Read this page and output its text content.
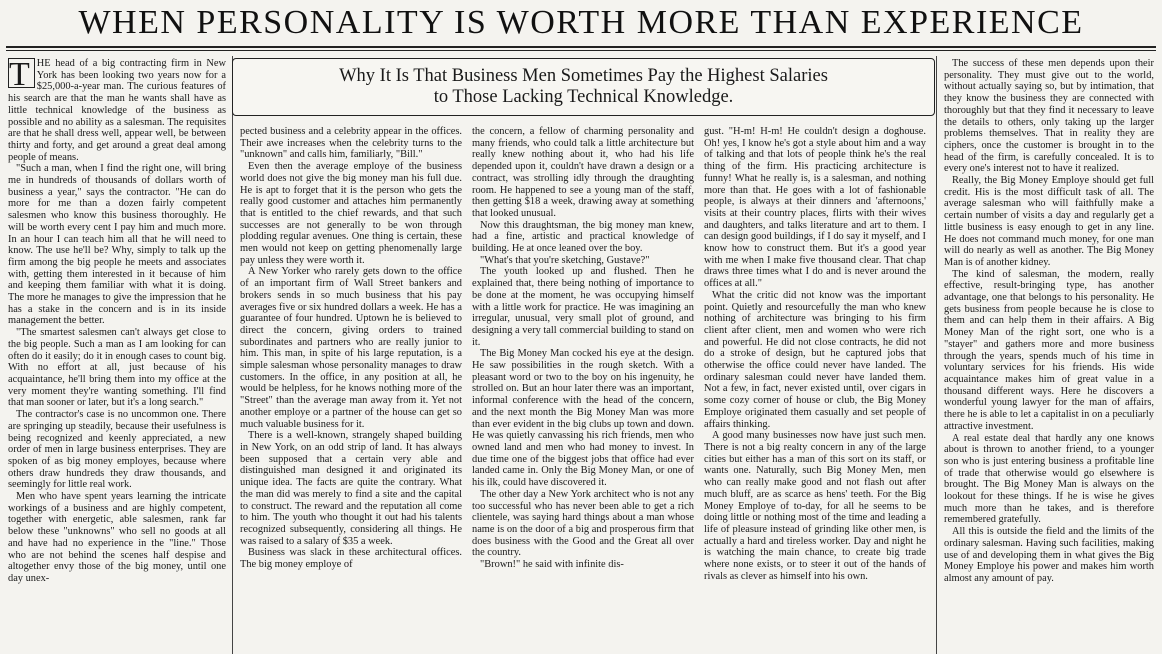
WHEN PERSONALITY IS WORTH MORE THAN EXPERIENCE

T HE head of a big contracting firm in New York has been looking two years now for a $25,000-a-year man. The curious features of his search are that the man he wants shall have as little technical knowledge of the business as possible and no ability as a salesman. The requisites are that he shall dress well, appear well, be between thirty and forty, and get around a great deal among people of means.

"Such a man, when I find the right one, will bring me in hundreds of thousands of dollars worth of business a year," says the contractor. "He can do more for me than a dozen fairly competent salesmen who know this business thoroughly. He will be worth every cent I pay him and much more. In an hour I can teach him all that he will need to know. The use he'll be? Why, simply to talk up the firm among the big people he meets and associates with, getting them interested in it because of him and keeping them familiar with what it is doing. The more he manages to give the impression that he has a stake in the concern and is in its inside management the better.

"The smartest salesmen can't always get close to the big people. Such a man as I am looking for can often do it easily; do it in enough cases to count big. With no effort at all, just because of his acquaintance, he'll bring them into my office at the very moment they're wanting something. I'll find that man sooner or later, but it's a long search."

The contractor's case is no uncommon one. There are springing up steadily, because their usefulness is being recognized and keenly appreciated, a new order of men in large business enterprises. They are spoken of as big money employes, because where others draw hundreds they draw thousands, and seemingly for little real work.

Men who have spent years learning the intricate workings of a business and are highly competent, together with energetic, able salesmen, rank far below these "unknowns" who sell no goods at all and have had no experience in the "line." Those who are not behind the scenes half despise and altogether envy those of the big money, until one day unex-

Why It Is That Business Men Sometimes Pay the Highest Salaries
to Those Lacking Technical Knowledge.

pected business and a celebrity appear in the offices. Their awe increases when the celebrity turns to the "unknown" and calls him, familiarly, "Bill."

Even then the average employe of the business world does not give the big money man his full due. He is apt to forget that it is the person who gets the really good customer and attaches him permanently that is entitled to the chief rewards, and that such successes are not generally to be won through plodding regular avenues. One thing is certain, these men would not keep on getting phenomenally large pay unless they were worth it.

A New Yorker who rarely gets down to the office of an important firm of Wall Street bankers and brokers sends in so much business that his pay averages five or six hundred dollars a week. He has a guarantee of four hundred. Uptown he is believed to direct the concern, giving orders to trained subordinates and partners who are really junior to him. This man, in spite of his large reputation, is a simple salesman whose personality manages to draw customers. In the office, in any position at all, he would be helpless, for he knows nothing more of the "Street" than the average man away from it. Yet not another employe or a partner of the house can get so much valuable business for it.

There is a well-known, strangely shaped building in New York, on an odd strip of land. It has always been supposed that a certain very able and distinguished man designed it and originated its unique idea. The facts are quite the contrary. What the man did was merely to find a site and the capital to construct. The reward and the reputation all come to him. The youth who thought it out had his talents recognized subsequently, considering all things. He was raised to a salary of $35 a week.

Business was slack in these architectural offices. The big money employe of

the concern, a fellow of charming personality and many friends, who could talk a little architecture but really knew nothing about it, who had his life depended upon it, couldn't have drawn a design or a contract, was strolling idly through the draughting room. He happened to see a young man of the staff, then getting $18 a week, drawing away at something that looked unusual.

Now this draughtsman, the big money man knew, had a fine, artistic and practical knowledge of building. He at once leaned over the boy.

"What's that you're sketching, Gustave?"

The youth looked up and flushed. Then he explained that, there being nothing of importance to be done at the moment, he was occupying himself with a little work for practice. He was imagining an irregular, unusual, very small plot of ground, and designing a very tall commercial building to stand on it.

The Big Money Man cocked his eye at the design. He saw possibilities in the rough sketch. With a pleasant word or two to the boy on his ingenuity, he strolled on. But an hour later there was an important, informal conference with the head of the concern, and the next month the Big Money Man was more than ever evident in the big clubs up town and down. He was quietly canvassing his rich friends, men who owned land and men who had money to invest. In due time one of the biggest jobs that office had ever landed came in. Only the Big Money Man, or one of his ilk, could have discovered it.

The other day a New York architect who is not any too successful who has never been able to get a rich clientele, was saying hard things about a man whose name is on the door of a big and prosperous firm that does business with the Good and the Great all over the country.

"Brown!" he said with infinite dis-

gust. "H-m! H-m! He couldn't design a doghouse. Oh! yes, I know he's got a style about him and a way of talking and that lots of people think he's the real thing of the firm. His practicing architecture is funny! What he really is, is a salesman, and nothing more than that. He goes with a lot of fashionable people, is always at their dinners and 'afternoons,' visits at their country places, flirts with their wives and daughters, and talks literature and art to them. I can design good buildings, if I do say it myself, and I know how to construct them. But it's a good year with me when I make five thousand clear. That chap draws three times what I do and is never around the offices at all."

What the critic did not know was the important point. Quietly and resourcefully the man who knew nothing of architecture was bringing to his firm client after client, men and women who were rich and powerful. He did not close contracts, he did not do a stroke of design, but he captured jobs that otherwise the office could never have landed. The ordinary salesman could never have landed them. Not a few, in fact, never existed until, over cigars in some cozy corner of house or club, the Big Money Employe originated them casually and set people of affairs thinking.

A good many businesses now have just such men. There is not a big realty concern in any of the large cities but either has a man of this sort on its staff, or wants one. Naturally, such Big Money Men, men who can really make good and not flash out after much bluff, are as scarce as hens' teeth. For the Big Money Employe of to-day, for all he seems to be doing little or nothing most of the time and leading a life of pleasure instead of grinding like other men, is actually a hard and tireless worker. Day and night he is watching the main chance, to create big trade where none exists, or to steer it out of the hands of rivals as clever as himself into his own.

The success of these men depends upon their personality. They must give out to the world, without actually saying so, but by intimation, that they know the business they are connected with thoroughly but that they find it necessary to leave the details to others, only taking up the larger problems themselves. That in reality they are ciphers, once the customer is brought in to the head of the firm, is carefully concealed. It is to every one's interest not to have it realized.

Really, the Big Money Employe should get full credit. His is the most difficult task of all. The average salesman who will faithfully make a certain number of visits a day and regularly get a little business is easy enough to get in any line. He does not command much money, for one man will do nearly as well as another. The Big Money Man is of another kidney.

The kind of salesman, the modern, really effective, result-bringing type, has another advantage, one that belongs to his personality. He gets business from people because he is close to them and can help them in their affairs. A Big Money Man of the right sort, one who is a "stayer" and gathers more and more business through the years, spends much of his time in voluntary services for his friends. His wide acquaintance makes him of great value in a thousand different ways. Here he discovers a wonderful young lawyer for the man of affairs, there he is able to let a capitalist in on a peculiarly attractive investment.

A real estate deal that hardly any one knows about is thrown to another friend, to a younger son who is just entering business a profitable line of trade that otherwise would go elsewhere is brought. The Big Money Man is always on the lookout for these things. If he is wise he gives much more than he takes, and is therefore remembered gratefully.

All this is outside the field and the limits of the ordinary salesman. Having such facilities, making use of and developing them in what gives the Big Money Employe his power and makes him worth almost any amount of pay.
